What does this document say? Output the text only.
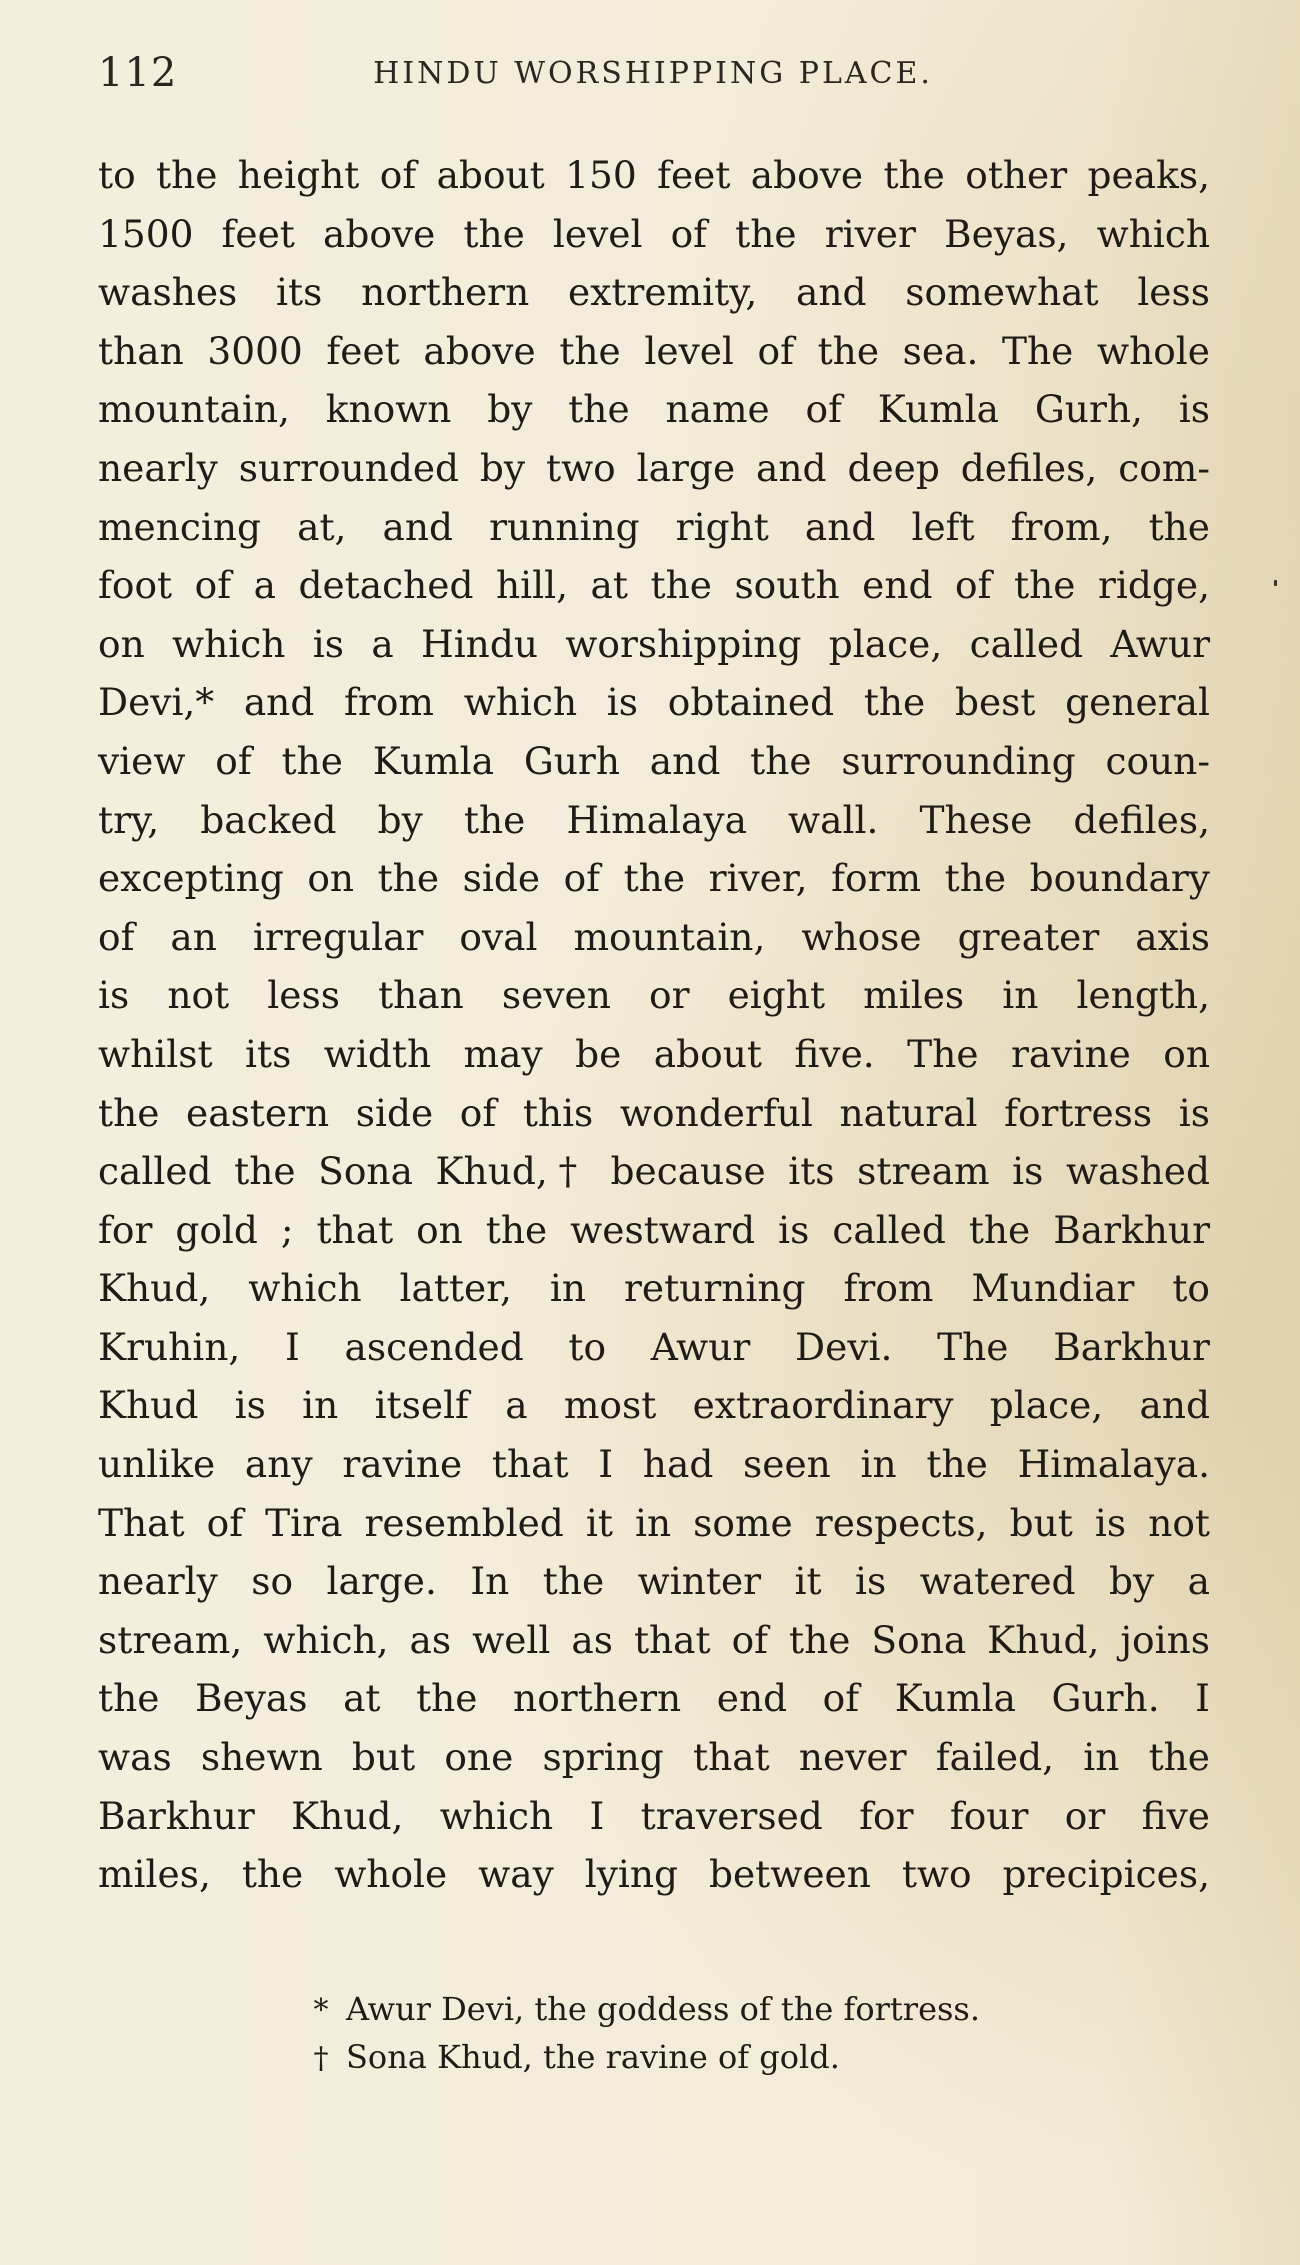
112	HINDU WORSHIPPING PLACE.
to the height of about 150 feet above the other peaks,
1500 feet above the level of the river Beyas, which
washes its northern extremity, and somewhat less
than 3000 feet above the level of the sea. The whole
mountain, known by the name of Kumla Gurh, is
nearly surrounded by two large and deep defiles, com-
mencing at, and running right and left from, the
foot of a detached hill, at the south end of the ridge,
on which is a Hindu worshipping place, called Awur
Devi,* and from which is obtained the best general
view of the Kumla Gurh and the surrounding coun-
try, backed by the Himalaya wall. These defiles,
excepting on the side of the river, form the boundary
of an irregular oval mountain, whose greater axis
is not less than seven or eight miles in length,
whilst its width may be about five. The ravine on
the eastern side of this wonderful natural fortress is
called the Sona Khud,† because its stream is washed
for gold ; that on the westward is called the Barkhur
Khud, which latter, in returning from Mundiar to
Kruhin, I ascended to Awur Devi. The Barkhur
Khud is in itself a most extraordinary place, and
unlike any ravine that I had seen in the Himalaya.
That of Tira resembled it in some respects, but is not
nearly so large. In the winter it is watered by a
stream, which, as well as that of the Sona Khud, joins
the Beyas at the northern end of Kumla Gurh. I
was shewn but one spring that never failed, in the
Barkhur Khud, which I traversed for four or five
miles, the whole way lying between two precipices,
* Awur Devi, the goddess of the fortress.
† Sona Khud, the ravine of gold.
